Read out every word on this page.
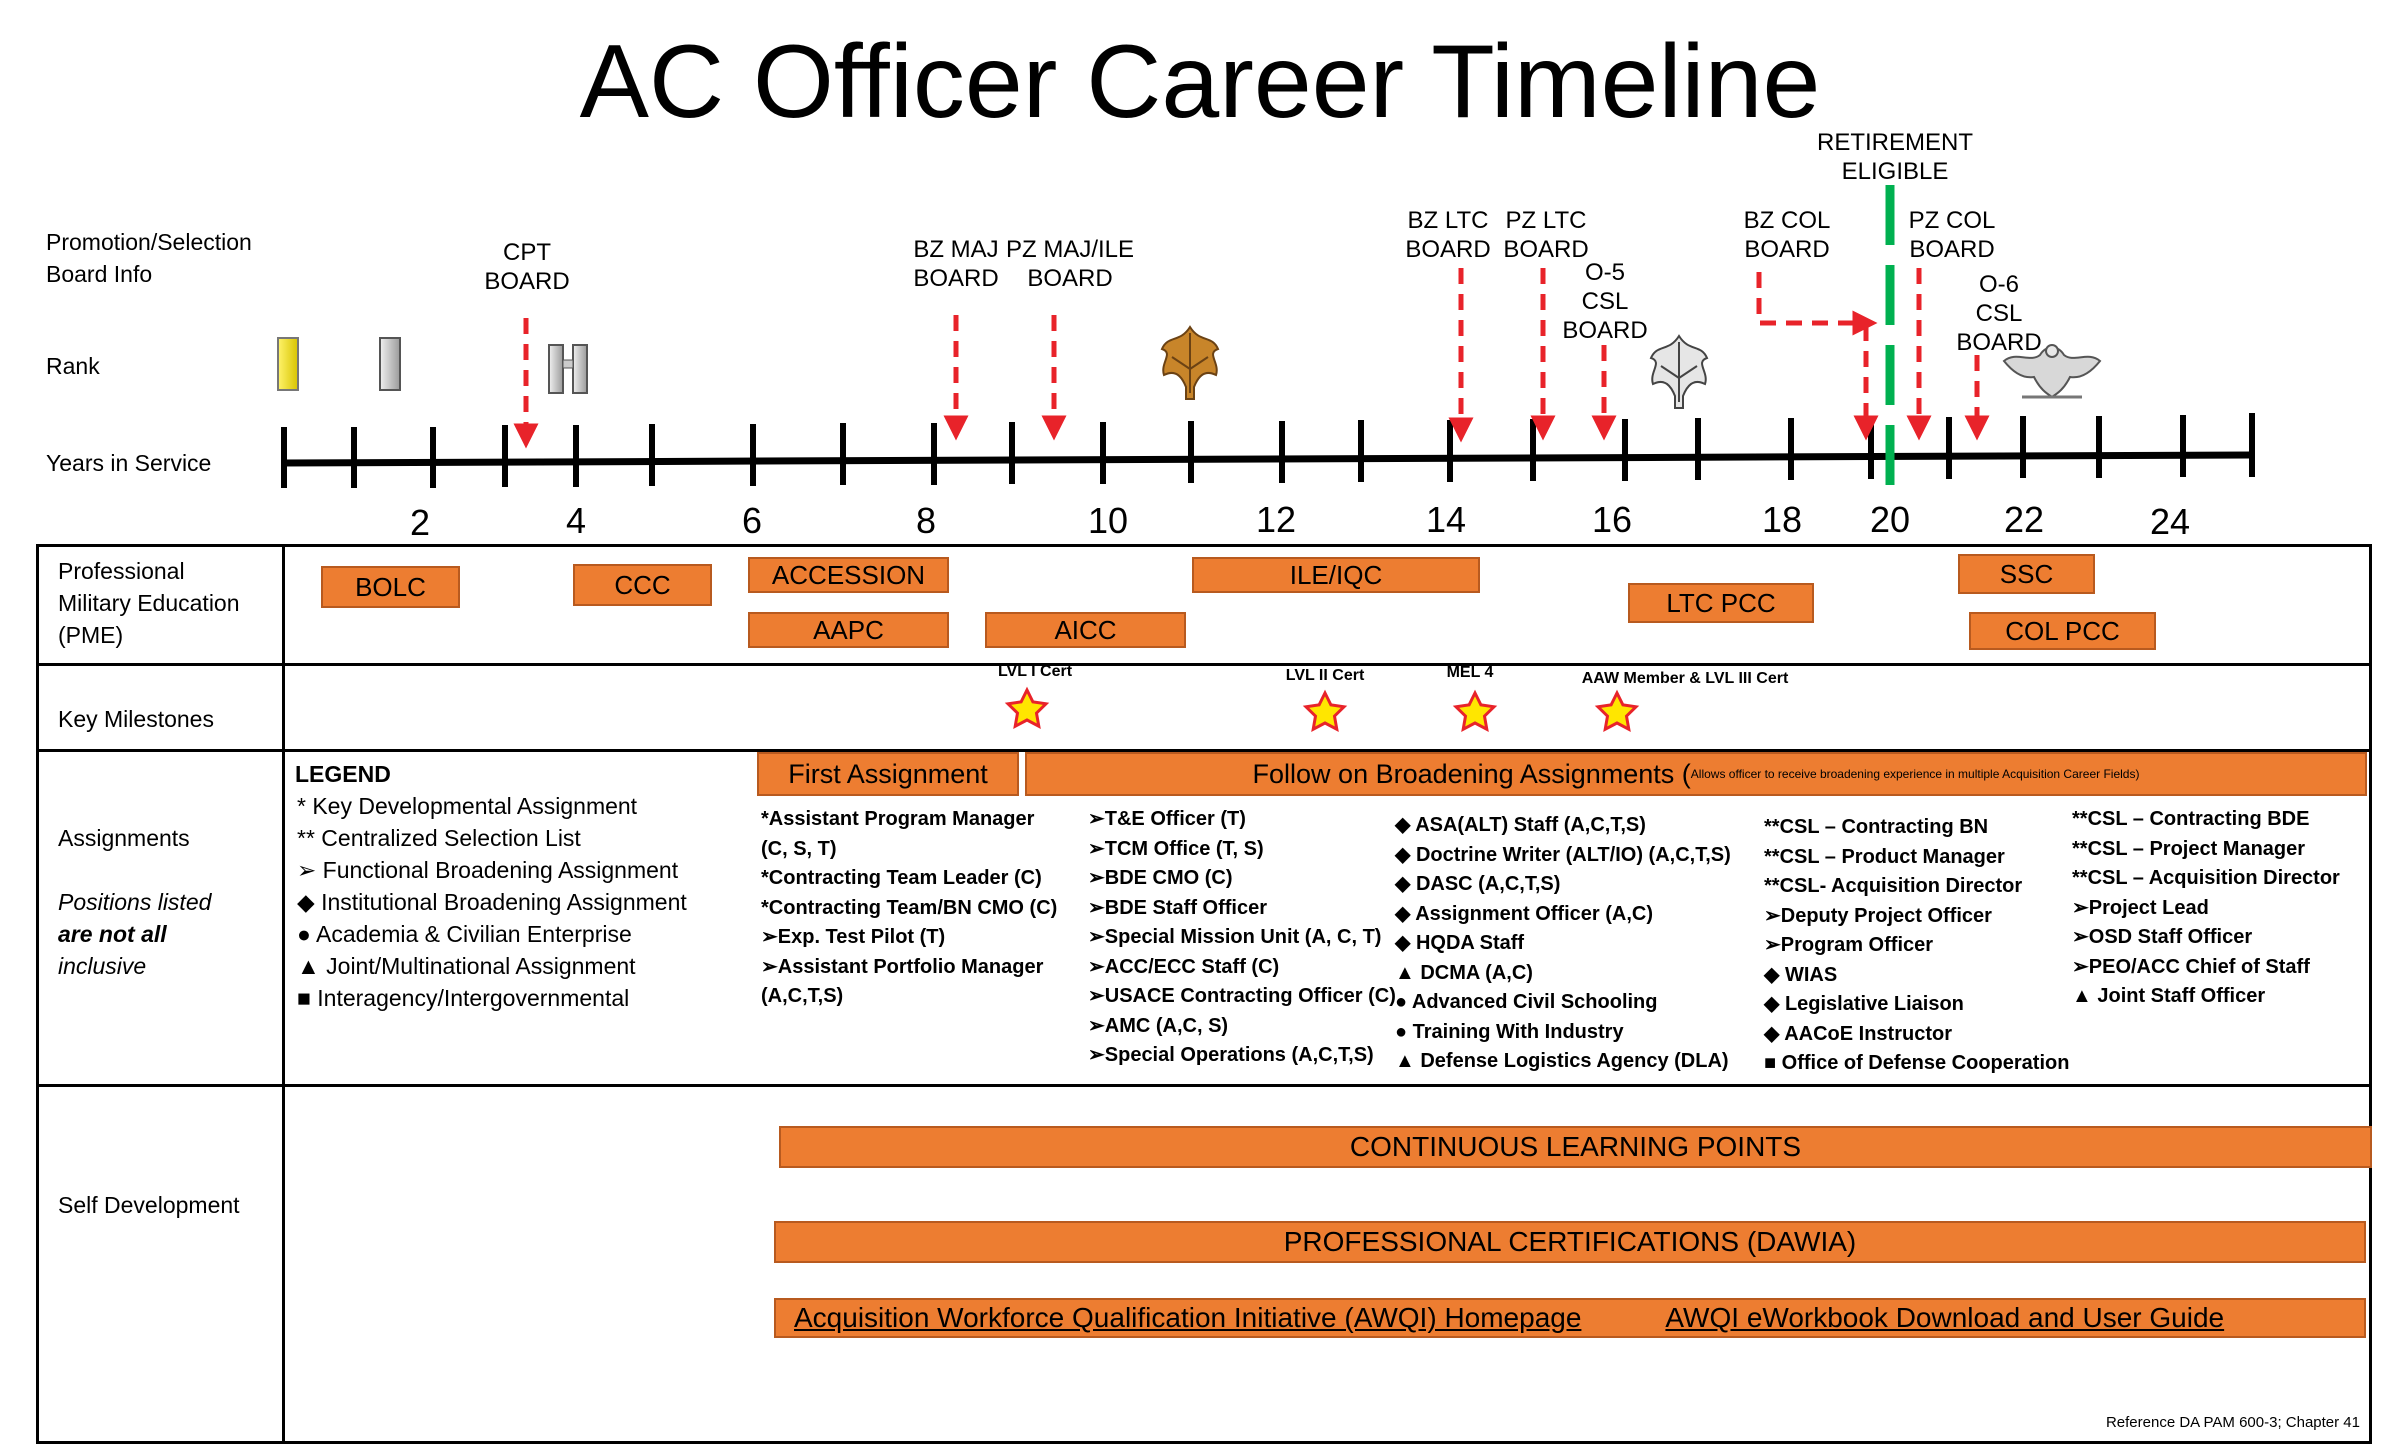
AC Officer Career Timeline
Promotion/Selection
Board Info
Rank
Years in Service
RETIREMENT
ELIGIBLE
CPT
BOARD
BZ MAJ
BOARD
PZ MAJ/ILE
BOARD
BZ LTC
BOARD
PZ LTC
BOARD
O-5
CSL
BOARD
BZ COL
BOARD
PZ COL
BOARD
O-6
CSL
BOARD
2	4	6	8	10	12	14	16	18	20	22	24
Professional
Military Education
(PME)
Key Milestones
Assignments
Positions listed
are not all
inclusive
Self Development
BOLC	CCC	ACCESSION
AAPC	AICC
ILE/IQC
LTC PCC
SSC
COL PCC
LVL I Cert	LVL II Cert	MEL 4	AAW Member & LVL III Cert
LEGEND
* Key Developmental Assignment
** Centralized Selection List
➢ Functional Broadening Assignment
◆ Institutional Broadening Assignment
● Academia & Civilian Enterprise
▲ Joint/Multinational Assignment
■ Interagency/Intergovernmental
First Assignment	Follow on Broadening Assignments ( Allows officer to receive broadening experience in multiple Acquisition Career Fields)
*Assistant Program Manager
(C, S, T)
*Contracting Team Leader (C)
*Contracting Team/BN CMO (C)
➢Exp. Test Pilot (T)
➢Assistant Portfolio Manager
(A,C,T,S)
➢T&E Officer (T)
➢TCM Office (T, S)
➢BDE CMO (C)
➢BDE Staff Officer
➢Special Mission Unit (A, C, T)
➢ACC/ECC Staff (C)
➢USACE Contracting Officer (C)
➢AMC (A,C, S)
➢Special Operations (A,C,T,S)
◆ ASA(ALT) Staff (A,C,T,S)
◆ Doctrine Writer (ALT/IO) (A,C,T,S)
◆ DASC (A,C,T,S)
◆ Assignment Officer (A,C)
◆ HQDA Staff
▲ DCMA (A,C)
● Advanced Civil Schooling
● Training With Industry
▲ Defense Logistics Agency (DLA)
**CSL – Contracting BN
**CSL – Product Manager
**CSL- Acquisition Director
➢Deputy Project Officer
➢Program Officer
◆ WIAS
◆ Legislative Liaison
◆ AACoE Instructor
■ Office of Defense Cooperation
**CSL – Contracting BDE
**CSL – Project Manager
**CSL – Acquisition Director
➢Project Lead
➢OSD Staff Officer
➢PEO/ACC Chief of Staff
▲ Joint Staff Officer
CONTINUOUS LEARNING POINTS
PROFESSIONAL CERTIFICATIONS (DAWIA)
Acquisition Workforce Qualification Initiative (AWQI) Homepage	AWQI eWorkbook Download and User Guide
Reference DA PAM 600-3; Chapter 41
